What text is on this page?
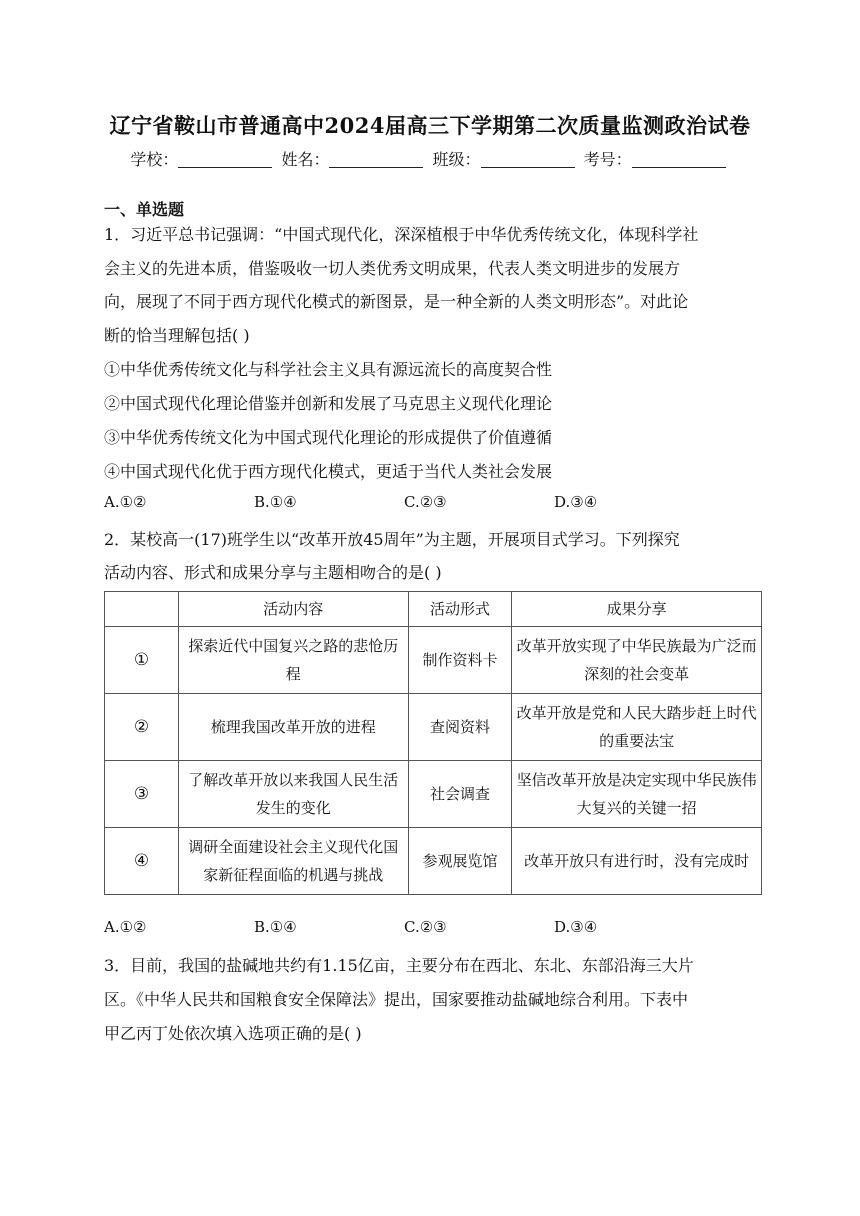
辽宁省鞍山市普通高中2024届高三下学期第二次质量监测政治试卷
学校：	姓名：	班级：	考号：
一、单选题
1．习近平总书记强调：“中国式现代化，深深植根于中华优秀传统文化，体现科学社
会主义的先进本质，借鉴吸收一切人类优秀文明成果，代表人类文明进步的发展方
向，展现了不同于西方现代化模式的新图景，是一种全新的人类文明形态”。对此论
断的恰当理解包括( )
①中华优秀传统文化与科学社会主义具有源远流长的高度契合性
②中国式现代化理论借鉴并创新和发展了马克思主义现代化理论
③中华优秀传统文化为中国式现代化理论的形成提供了价值遵循
④中国式现代化优于西方现代化模式，更适于当代人类社会发展
A.①②	B.①④	C.②③	D.③④
2．某校高一(17)班学生以“改革开放45周年”为主题，开展项目式学习。下列探究
活动内容、形式和成果分享与主题相吻合的是( )
	活动内容	活动形式	成果分享
①	探索近代中国复兴之路的悲怆历程	制作资料卡	改革开放实现了中华民族最为广泛而深刻的社会变革
②	梳理我国改革开放的进程	查阅资料	改革开放是党和人民大踏步赶上时代的重要法宝
③	了解改革开放以来我国人民生活发生的变化	社会调查	坚信改革开放是决定实现中华民族伟大复兴的关键一招
④	调研全面建设社会主义现代化国家新征程面临的机遇与挑战	参观展览馆	改革开放只有进行时，没有完成时
A.①②	B.①④	C.②③	D.③④
3．目前，我国的盐碱地共约有1.15亿亩，主要分布在西北、东北、东部沿海三大片
区。《中华人民共和国粮食安全保障法》提出，国家要推动盐碱地综合利用。下表中
甲乙丙丁处依次填入选项正确的是( )
